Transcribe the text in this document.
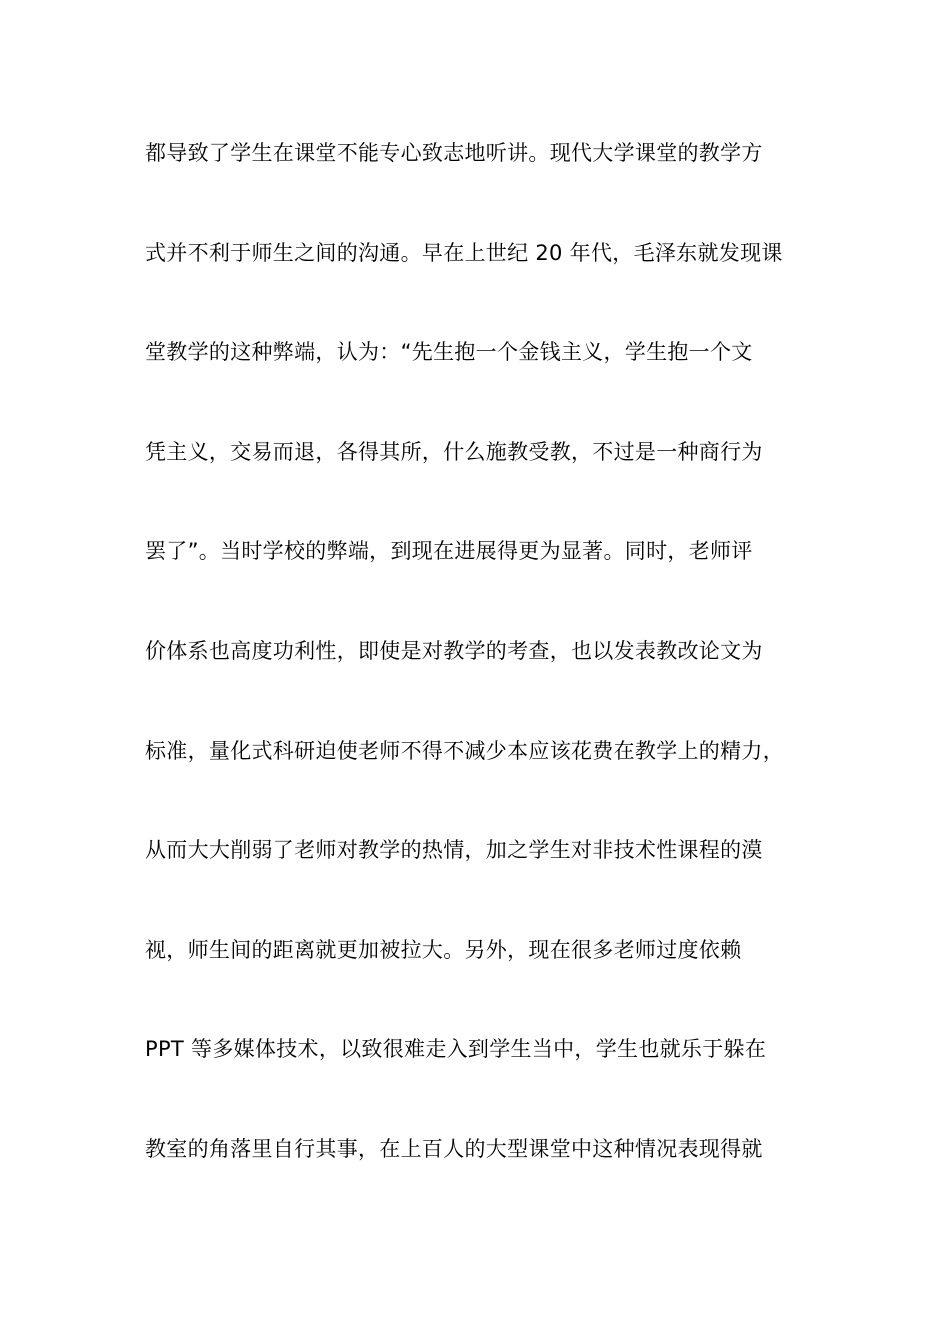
都导致了学生在课堂不能专心致志地听讲。现代大学课堂的教学方
式并不利于师生之间的沟通。早在上世纪 20 年代，毛泽东就发现课
堂教学的这种弊端，认为：“先生抱一个金钱主义，学生抱一个文
凭主义，交易而退，各得其所，什么施教受教，不过是一种商行为
罢了”。当时学校的弊端，到现在进展得更为显著。同时，老师评
价体系也高度功利性，即使是对教学的考查，也以发表教改论文为
标准，量化式科研迫使老师不得不减少本应该花费在教学上的精力，
从而大大削弱了老师对教学的热情，加之学生对非技术性课程的漠
视，师生间的距离就更加被拉大。另外，现在很多老师过度依赖
PPT 等多媒体技术，以致很难走入到学生当中，学生也就乐于躲在
教室的角落里自行其事，在上百人的大型课堂中这种情况表现得就
